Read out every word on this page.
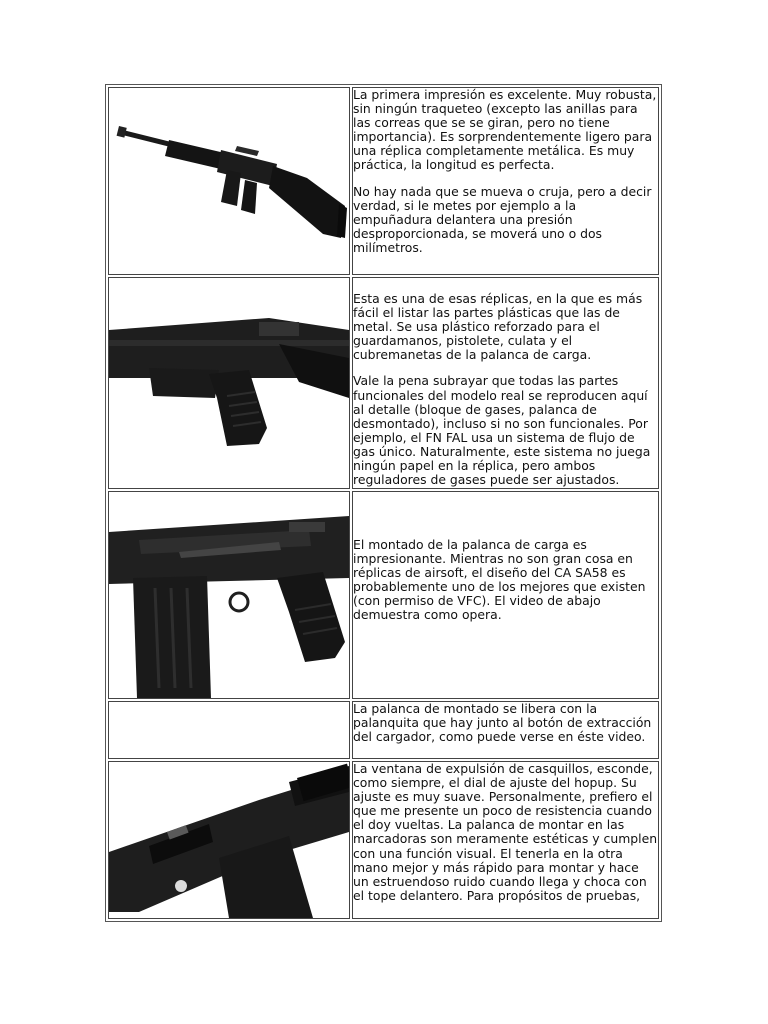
La primera impresión es excelente. Muy robusta, sin ningún traqueteo (excepto las anillas para las correas que se se giran, pero no tiene importancia). Es sorprendentemente ligero para una réplica completamente metálica. Es muy práctica, la longitud es perfecta.

No hay nada que se mueva o cruja, pero a decir verdad, si le metes por ejemplo a la empuñadura delantera una presión desproporcionada, se moverá uno o dos milímetros.

Esta es una de esas réplicas, en la que es más fácil el listar las partes plásticas que las de metal. Se usa plástico reforzado para el guardamanos, pistolete, culata y el cubremanetas de la palanca de carga.

Vale la pena subrayar que todas las partes funcionales del modelo real se reproducen aquí al detalle (bloque de gases, palanca de desmontado), incluso si no son funcionales. Por ejemplo, el FN FAL usa un sistema de flujo de gas único. Naturalmente, este sistema no juega ningún papel en la réplica, pero ambos reguladores de gases puede ser ajustados.

El montado de la palanca de carga es impresionante. Mientras no son gran cosa en réplicas de airsoft, el diseño del CA SA58 es probablemente uno de los mejores que existen (con permiso de VFC). El video de abajo demuestra como opera.

	La palanca de montado se libera con la palanquita que hay junto al botón de extracción del cargador, como puede verse en éste video.

La ventana de expulsión de casquillos, esconde, como siempre, el dial de ajuste del hopup. Su ajuste es muy suave. Personalmente, prefiero el que me presente un poco de resistencia cuando el doy vueltas. La palanca de montar en las marcadoras son meramente estéticas y cumplen con una función visual. El tenerla en la otra mano mejor y más rápido para montar y hace un estruendoso ruido cuando llega y choca con el tope delantero. Para propósitos de pruebas,
